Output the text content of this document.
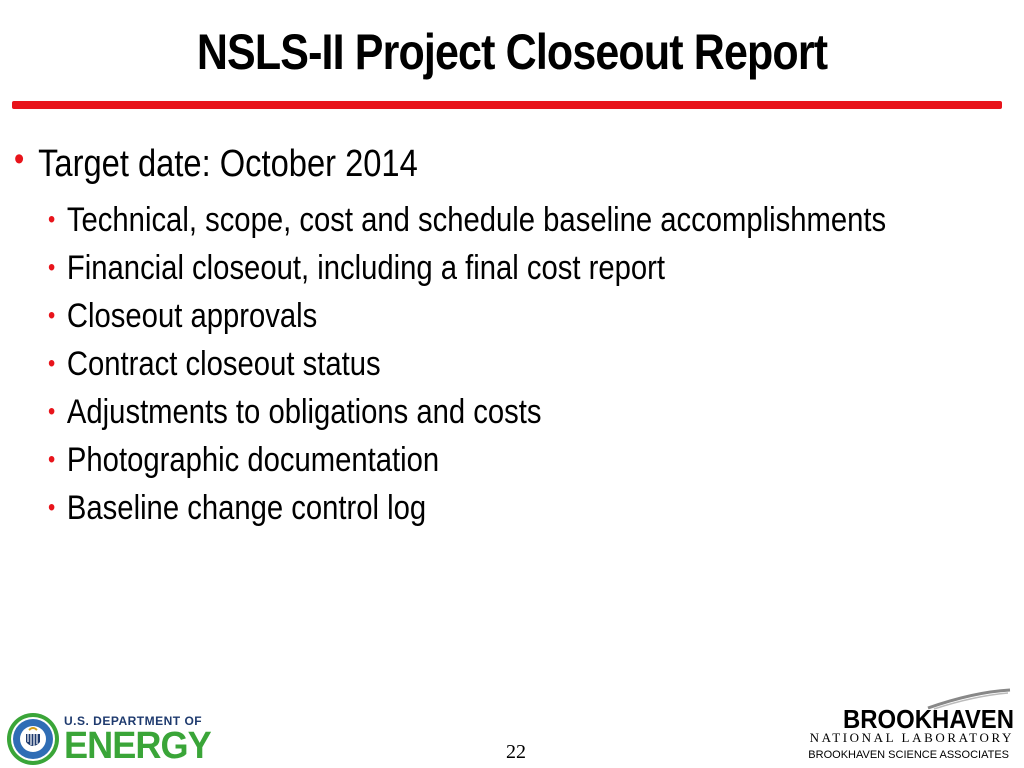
NSLS-II Project Closeout Report
• Target date: October 2014
• Technical, scope, cost and schedule baseline accomplishments
• Financial closeout, including a final cost report
• Closeout approvals
• Contract closeout status
• Adjustments to obligations and costs
• Photographic documentation
• Baseline change control log
U.S. DEPARTMENT OF
ENERGY	22
BROOKHAVEN
NATIONAL LABORATORY
BROOKHAVEN SCIENCE ASSOCIATES
